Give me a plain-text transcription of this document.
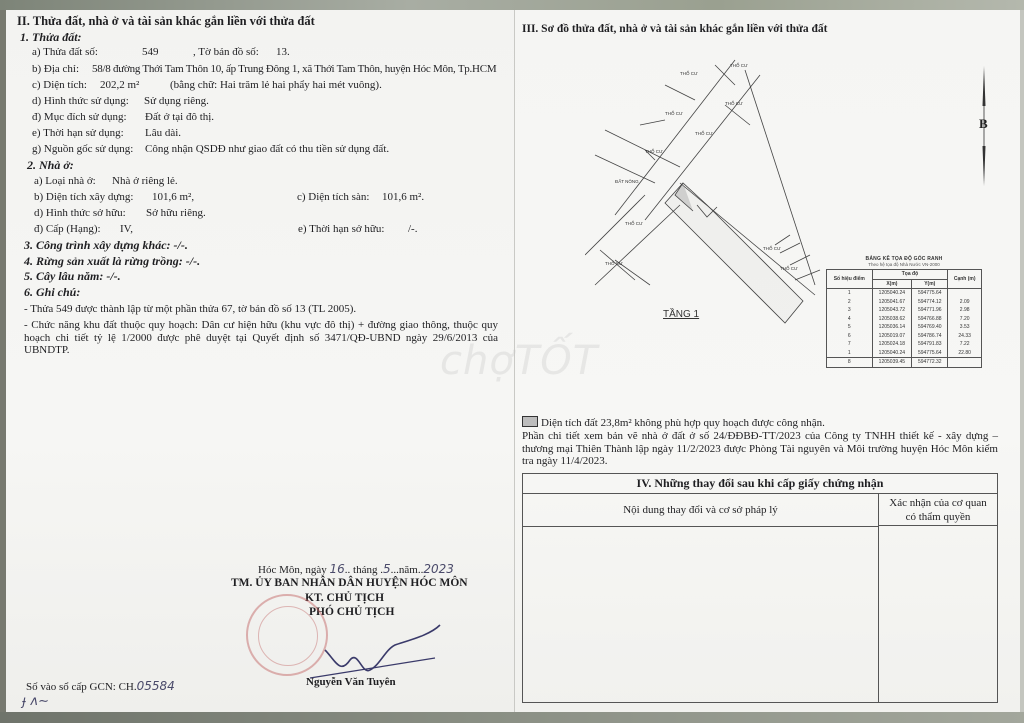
II. Thửa đất, nhà ở và tài sản khác gắn liền với thửa đất
1. Thửa đất:
a) Thửa đất số:	549	, Tờ bản đồ số: 13.
b) Địa chỉ: 58/8 đường Thới Tam Thôn 10, ấp Trung Đông 1, xã Thới Tam Thôn, huyện Hóc Môn, Tp.HCM
c) Diện tích: 202,2 m²	(bằng chữ: Hai trăm lẻ hai phẩy hai mét vuông).
d) Hình thức sử dụng: Sử dụng riêng.
đ) Mục đích sử dụng: Đất ở tại đô thị.
e) Thời hạn sử dụng: Lâu dài.
g) Nguồn gốc sử dụng: Công nhận QSDĐ như giao đất có thu tiền sử dụng đất.
2. Nhà ở:
a) Loại nhà ở: Nhà ở riêng lẻ.
b) Diện tích xây dựng: 101,6 m²,	c) Diện tích sàn: 101,6 m².
d) Hình thức sở hữu: Sở hữu riêng.
đ) Cấp (Hạng): IV,	e) Thời hạn sở hữu: /-.
3. Công trình xây dựng khác: -/-.
4. Rừng sản xuất là rừng trồng: -/-.
5. Cây lâu năm: -/-.
6. Ghi chú:
- Thửa 549 được thành lập từ một phần thửa 67, tờ bản đồ số 13 (TL 2005).
- Chức năng khu đất thuộc quy hoạch: Dân cư hiện hữu (khu vực đô thị) + đường giao thông, thuộc quy hoạch chi tiết tỷ lệ 1/2000 được phê duyệt tại Quyết định số 3471/QĐ-UBND ngày 29/6/2013 của UBNDTP.
Hóc Môn, ngày 16.. tháng .5...năm..2023
TM. ỦY BAN NHÂN DÂN HUYỆN HÓC MÔN
KT. CHỦ TỊCH
PHÓ CHỦ TỊCH
Nguyễn Văn Tuyên
Số vào sổ cấp GCN: CH.05584
ɟ ᴧ∼
III. Sơ đồ thửa đất, nhà ở và tài sản khác gắn liền với thửa đất
THỔ CƯ
THỔ CƯ
THỔ CƯ
THỔ CƯ
THỔ CƯ
THỔ CƯ
ĐẤT NÔNG
THỔ CƯ
THỔ CƯ
THỔ CƯ
THỔ CƯ
TẦNG 1
B
BẢNG KÊ TỌA ĐỘ GÓC RANH
Theo hệ tọa độ Nhà Nước VN-2000
Số hiệu điểm	Tọa độ		Cạnh (m)
	X(m)	Y(m)	
1	1205040.24	594775.64	
2	1205041.67	594774.12	2.09
3	1205043.72	594771.96	2.98
4	1205038.62	594766.88	7.20
5	1205036.14	594769.40	3.53
6	1205019.07	594786.74	24.33
7	1205024.18	594791.83	7.22
1	1205040.24	594775.64	22.80
8	1205039.45	594772.32	
Diện tích đất 23,8m² không phù hợp quy hoạch được công nhận.
Phần chi tiết xem bản vẽ nhà ở đất ở số 24/ĐĐBĐ-TT/2023 của Công ty TNHH thiết kế - xây dựng – thương mại Thiên Thành lập ngày 11/2/2023 được Phòng Tài nguyên và Môi trường huyện Hóc Môn kiểm tra ngày 11/4/2023.
IV. Những thay đổi sau khi cấp giấy chứng nhận
Nội dung thay đổi và cơ sở pháp lý
Xác nhận của cơ quan
có thẩm quyền
chợTỐT
